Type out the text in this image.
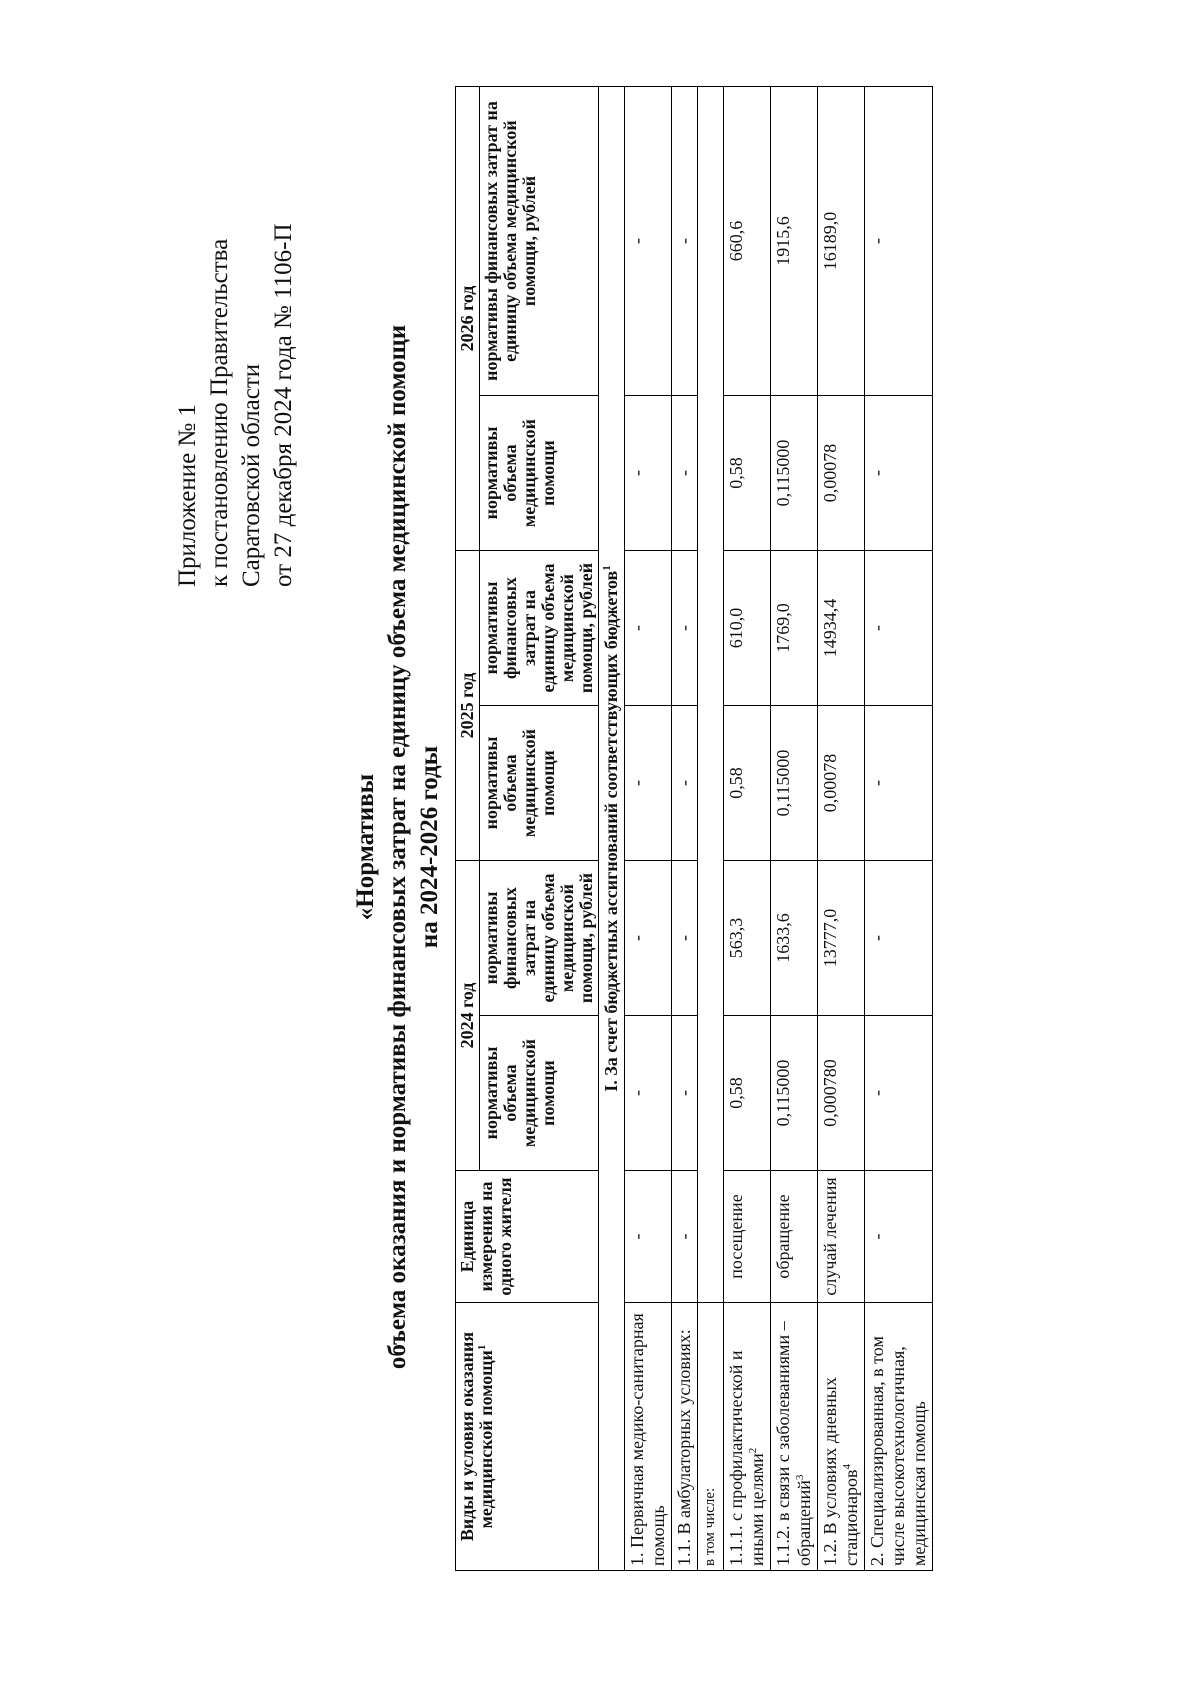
Приложение № 1 к постановлению Правительства Саратовской области от 27 декабря 2024 года № 1106-П
«Нормативы объема оказания и нормативы финансовых затрат на единицу объема медицинской помощи на 2024-2026 годы
Виды и условия оказания медицинской помощи$^1$	Единица измерения на одного жителя	2024 год		2025 год		2026 год	
		нормативы объема медицинской помощи	нормативы финансовых затрат на единицу объема медицинской помощи, рублей	нормативы объема медицинской помощи	нормативы финансовых затрат на единицу объема медицинской помощи, рублей	нормативы объема медицинской помощи	нормативы финансовых затрат на единицу объема медицинской помощи, рублей
I. За счет бюджетных ассигнований соответствующих бюджетов$^1$
1. Первичная медико-санитарная помощь	-	-	-	-	-	-	-
1.1. В амбулаторных условиях:	-	-	-	-	-	-	-
в том числе:							
1.1.1. с профилактической и иными целями$^2$	посещение	0,58	563,3	0,58	610,0	0,58	660,6
1.1.2. в связи с заболеваниями – обращений$^3$	обращение	0,115000	1633,6	0,115000	1769,0	0,115000	1915,6
1.2. В условиях дневных стационаров$^4$	случай лечения	0,000780	13777,0	0,00078	14934,4	0,00078	16189,0
2. Специализированная, в том числе высокотехнологичная, медицинская помощь	-	-	-	-	-	-	-
